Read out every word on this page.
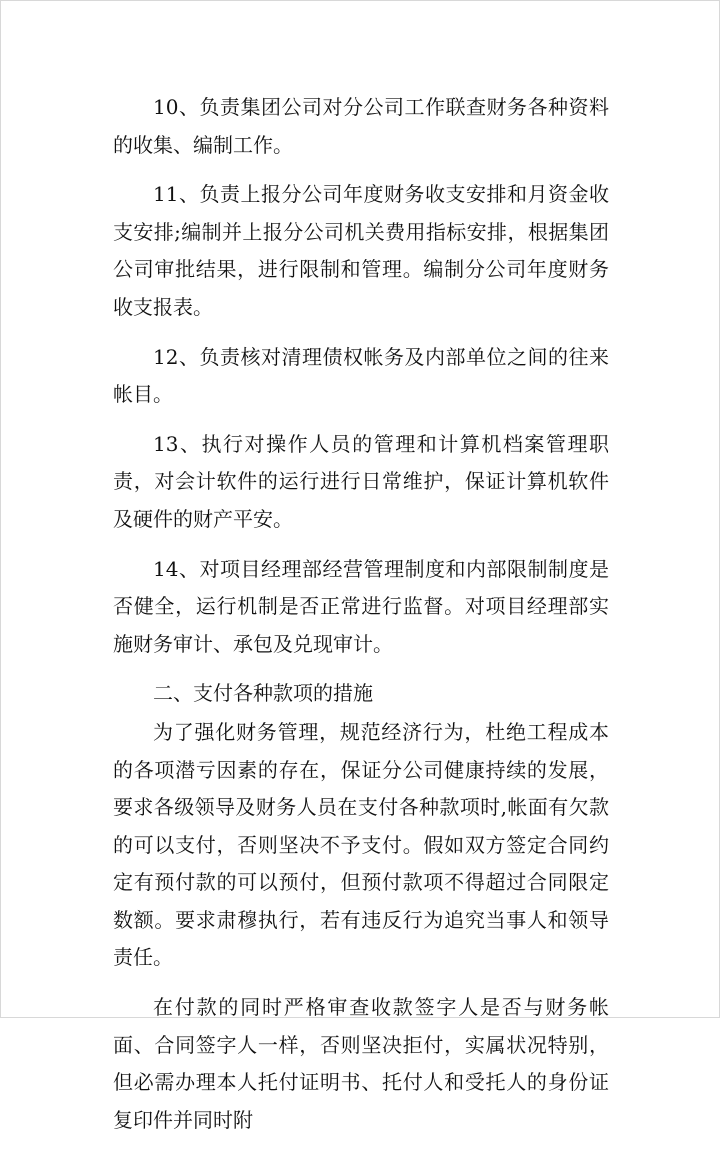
10、负责集团公司对分公司工作联查财务各种资料的收集、编制工作。

11、负责上报分公司年度财务收支安排和月资金收支安排;编制并上报分公司机关费用指标安排，根据集团公司审批结果，进行限制和管理。编制分公司年度财务收支报表。

12、负责核对清理债权帐务及内部单位之间的往来帐目。

13、执行对操作人员的管理和计算机档案管理职责，对会计软件的运行进行日常维护，保证计算机软件及硬件的财产平安。

14、对项目经理部经营管理制度和内部限制制度是否健全，运行机制是否正常进行监督。对项目经理部实施财务审计、承包及兑现审计。

二、支付各种款项的措施

为了强化财务管理，规范经济行为，杜绝工程成本的各项潜亏因素的存在，保证分公司健康持续的发展，要求各级领导及财务人员在支付各种款项时,帐面有欠款的可以支付，否则坚决不予支付。假如双方签定合同约定有预付款的可以预付，但预付款项不得超过合同限定数额。要求肃穆执行，若有违反行为追究当事人和领导责任。

在付款的同时严格审查收款签字人是否与财务帐面、合同签字人一样，否则坚决拒付，实属状况特别，但必需办理本人托付证明书、托付人和受托人的身份证复印件并同时附
